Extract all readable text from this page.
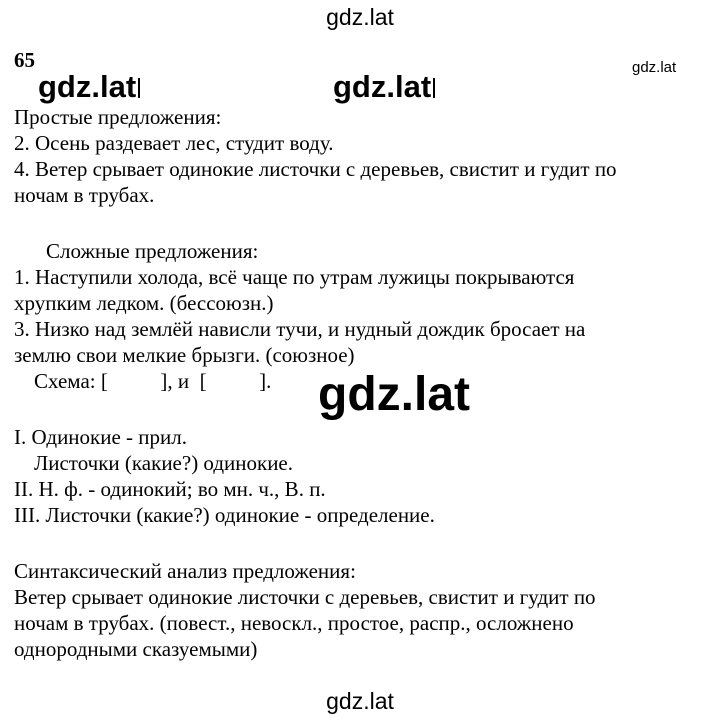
gdz.lat
65	gdz.lat
gdz.lat	gdz.lat
Простые предложения:
2. Осень раздевает лес, студит воду.
4. Ветер срывает одинокие листочки с деревьев, свистит и гудит по
ночам в трубах.
Сложные предложения:
1. Наступили холода, всё чаще по утрам лужицы покрываются
хрупким ледком. (бессоюзн.)
3. Низко над землёй нависли тучи, и нудный дождик бросает на
землю свои мелкие брызги. (союзное)
Схема: [          ], и  [          ]. gdz.lat
I. Одинокие - прил.
Листочки (какие?) одинокие.
II. Н. ф. - одинокий; во мн. ч., В. п.
III. Листочки (какие?) одинокие - определение.
Синтаксический анализ предложения:
Ветер срывает одинокие листочки с деревьев, свистит и гудит по
ночам в трубах. (повест., невоскл., простое, распр., осложнено
однородными сказуемыми)
gdz.lat
